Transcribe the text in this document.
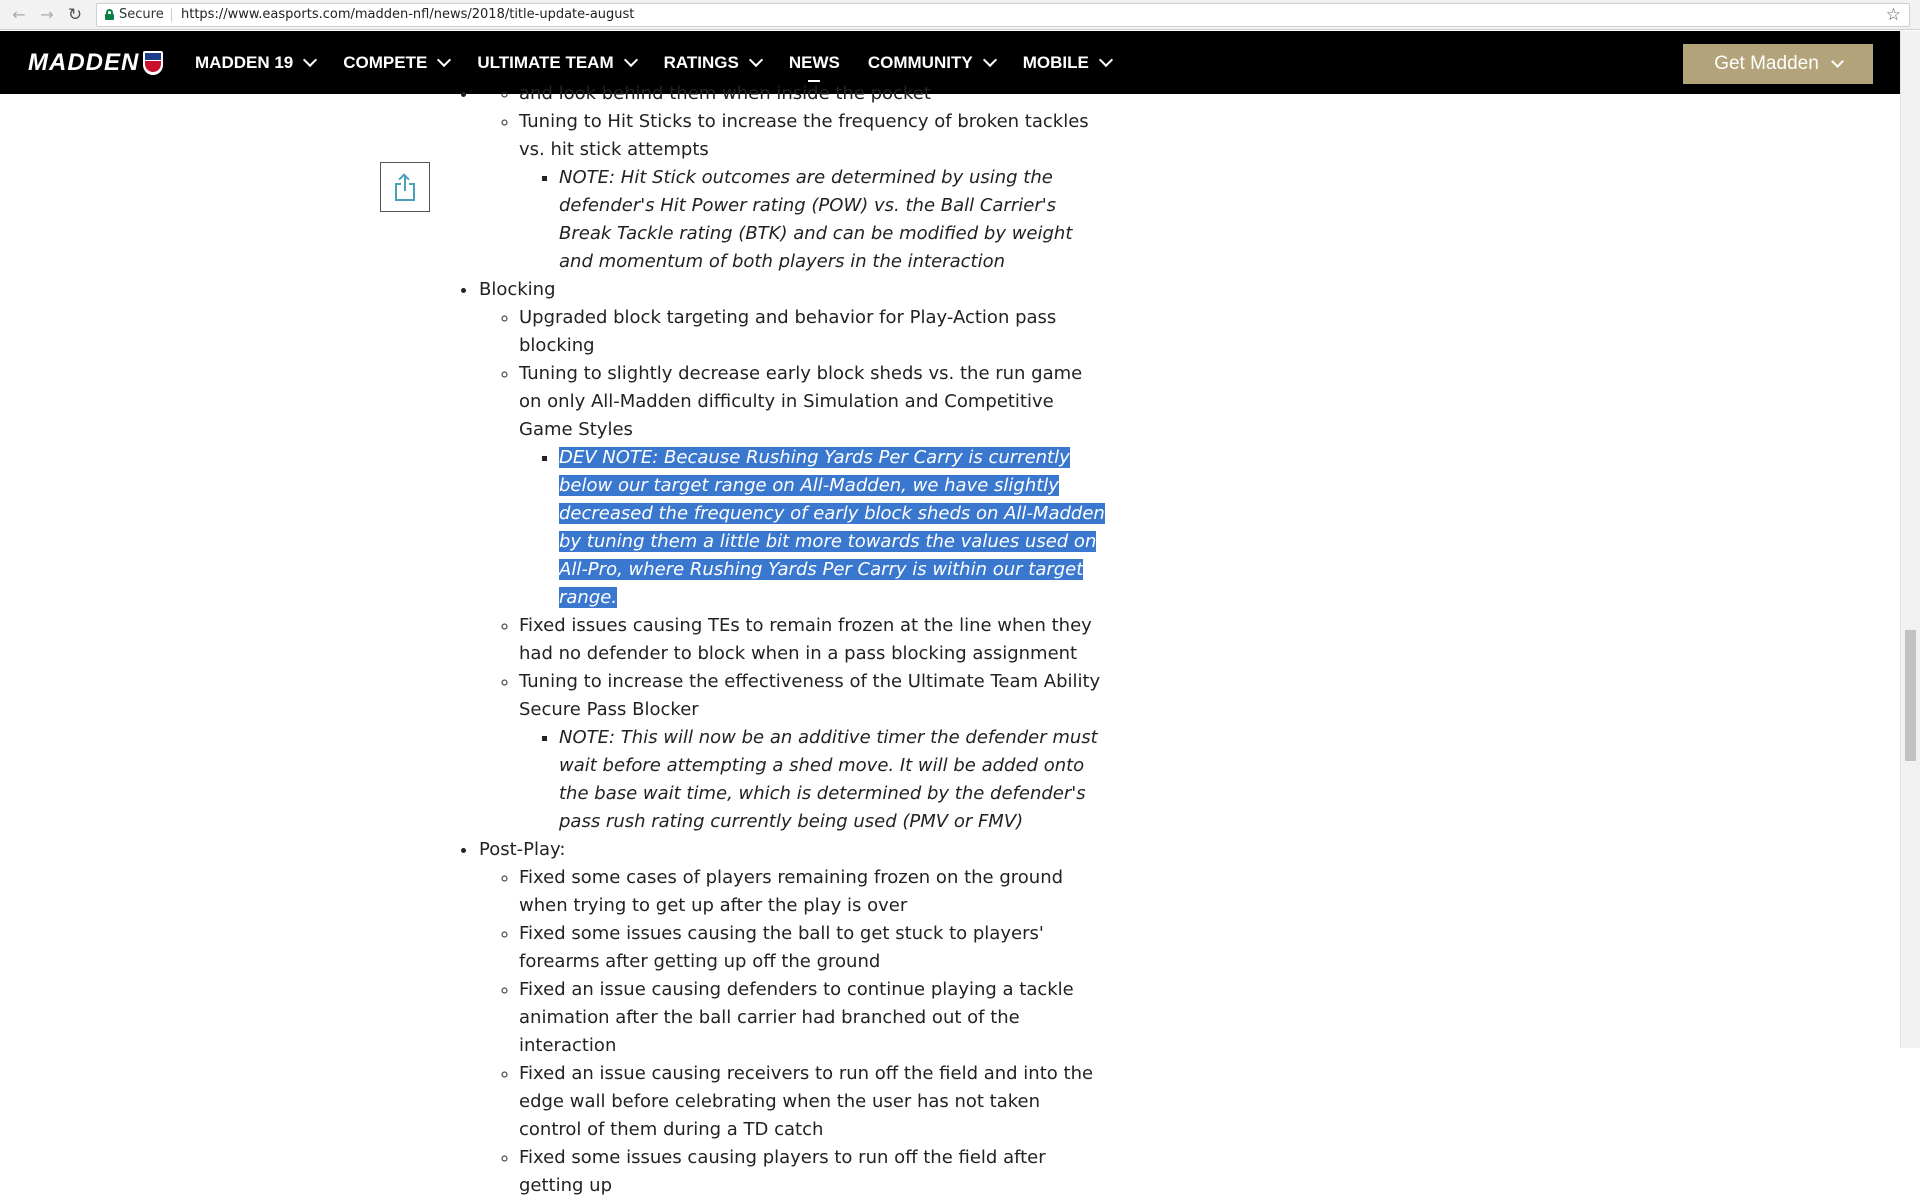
← → ↻	Secure https://www.easports.com/madden-nfl/news/2018/title-update-august	☆
MADDEN	MADDEN 19	COMPETE	ULTIMATE TEAM	RATINGS	NEWS COMMUNITY	MOBILE	Get Madden
◦ • and look behind them when inside the pocket
◦ Tuning to Hit Sticks to increase the frequency of broken tackles vs. hit stick attempts
▪ NOTE: Hit Stick outcomes are determined by using the defender's Hit Power rating (POW) vs. the Ball Carrier's Break Tackle rating (BTK) and can be modified by weight and momentum of both players in the interaction
• Blocking
◦ Upgraded block targeting and behavior for Play-Action pass blocking
◦ Tuning to slightly decrease early block sheds vs. the run game on only All-Madden difficulty in Simulation and Competitive Game Styles
▪ DEV NOTE: Because Rushing Yards Per Carry is currently below our target range on All-Madden, we have slightly decreased the frequency of early block sheds on All-Madden by tuning them a little bit more towards the values used on All-Pro, where Rushing Yards Per Carry is within our target range.
◦ Fixed issues causing TEs to remain frozen at the line when they had no defender to block when in a pass blocking assignment
◦ Tuning to increase the effectiveness of the Ultimate Team Ability Secure Pass Blocker
▪ NOTE: This will now be an additive timer the defender must wait before attempting a shed move. It will be added onto the base wait time, which is determined by the defender's pass rush rating currently being used (PMV or FMV)
• Post-Play:
◦ Fixed some cases of players remaining frozen on the ground when trying to get up after the play is over
◦ Fixed some issues causing the ball to get stuck to players' forearms after getting up off the ground
◦ Fixed an issue causing defenders to continue playing a tackle animation after the ball carrier had branched out of the interaction
◦ Fixed an issue causing receivers to run off the field and into the edge wall before celebrating when the user has not taken control of them during a TD catch
◦ Fixed some issues causing players to run off the field after getting up
